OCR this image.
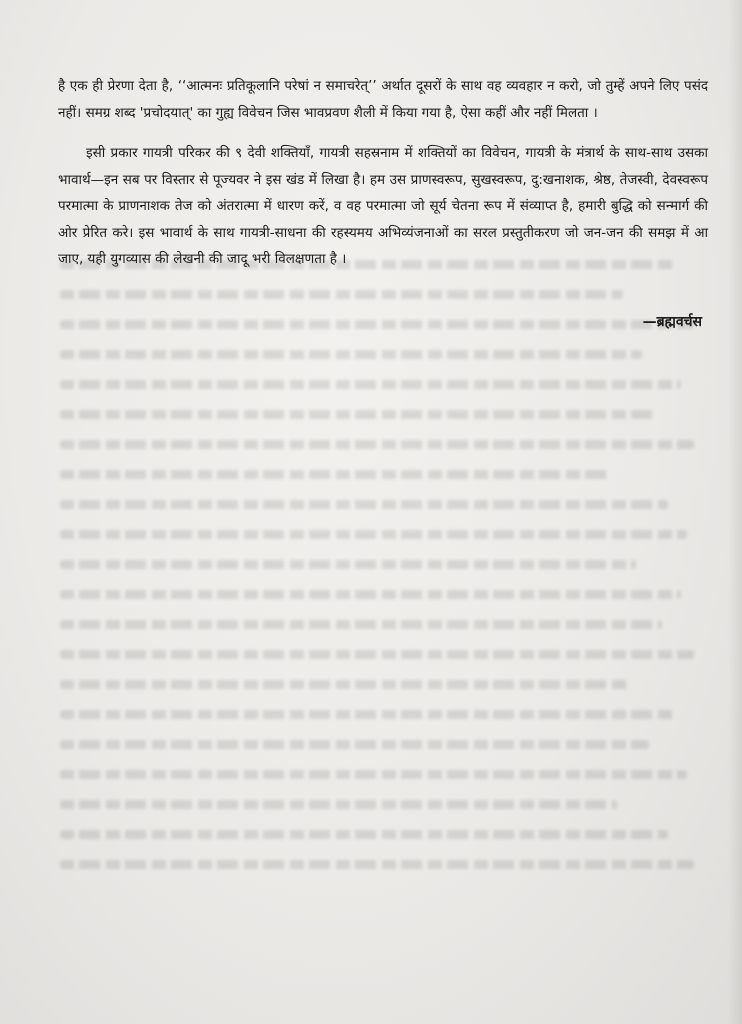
है एक ही प्रेरणा देता है, ‘‘आत्मनः प्रतिकूलानि परेषां न समाचरेत्’’ अर्थात दूसरों के साथ वह व्यवहार न करो, जो तुम्हें अपने लिए पसंद नहीं। समग्र शब्द 'प्रचोदयात्' का गुह्य विवेचन जिस भावप्रवण शैली में किया गया है, ऐसा कहीं और नहीं मिलता ।

इसी प्रकार गायत्री परिकर की ९ देवी शक्तियाँ, गायत्री सहस्रनाम में शक्तियों का विवेचन, गायत्री के मंत्रार्थ के साथ-साथ उसका भावार्थ—इन सब पर विस्तार से पूज्यवर ने इस खंड में लिखा है। हम उस प्राणस्वरूप, सुखस्वरूप, दु:खनाशक, श्रेष्ठ, तेजस्वी, देवस्वरूप परमात्मा के प्राणनाशक तेज को अंतरात्मा में धारण करें, व वह परमात्मा जो सूर्य चेतना रूप में संव्याप्त है, हमारी बुद्धि को सन्मार्ग की ओर प्रेरित करे। इस भावार्थ के साथ गायत्री-साधना की रहस्यमय अभिव्यंजनाओं का सरल प्रस्तुतीकरण जो जन-जन की समझ में आ जाए, यही युगव्यास की लेखनी की जादू भरी विलक्षणता है ।

—ब्रह्मवर्चस
